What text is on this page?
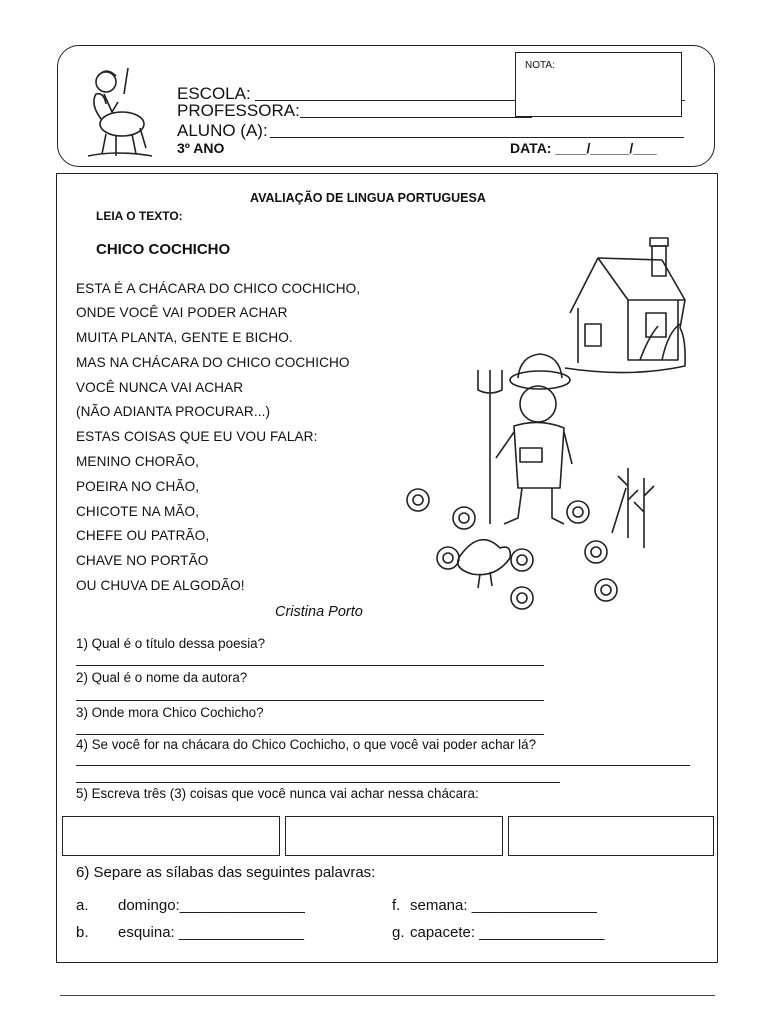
ESCOLA:
PROFESSORA:
ALUNO (A):
3º ANO	DATA: ____/_____/___
NOTA:
AVALIAÇÃO DE LINGUA PORTUGUESA
LEIA O TEXTO:
CHICO COCHICHO
ESTA É A CHÁCARA DO CHICO COCHICHO,
ONDE VOCÊ VAI PODER ACHAR
MUITA PLANTA, GENTE E BICHO.
MAS NA CHÁCARA DO CHICO COCHICHO
VOCÊ NUNCA VAI ACHAR
(NÃO ADIANTA PROCURAR...)
ESTAS COISAS QUE EU VOU FALAR:
MENINO CHORÃO,
POEIRA NO CHÃO,
CHICOTE NA MÃO,
CHEFE OU PATRÃO,
CHAVE NO PORTÃO
OU CHUVA DE ALGODÃO!
Cristina Porto
1) Qual é o título dessa poesia?
2) Qual é o nome da autora?
3) Onde mora Chico Cochicho?
4) Se você for na chácara do Chico Cochicho, o que você vai poder achar lá?
5) Escreva três (3) coisas que você nunca vai achar nessa chácara:
6) Separe as sílabas das seguintes palavras:
a. domingo:_______________	f. semana: _______________
b. esquina: _______________	g. capacete: _______________
